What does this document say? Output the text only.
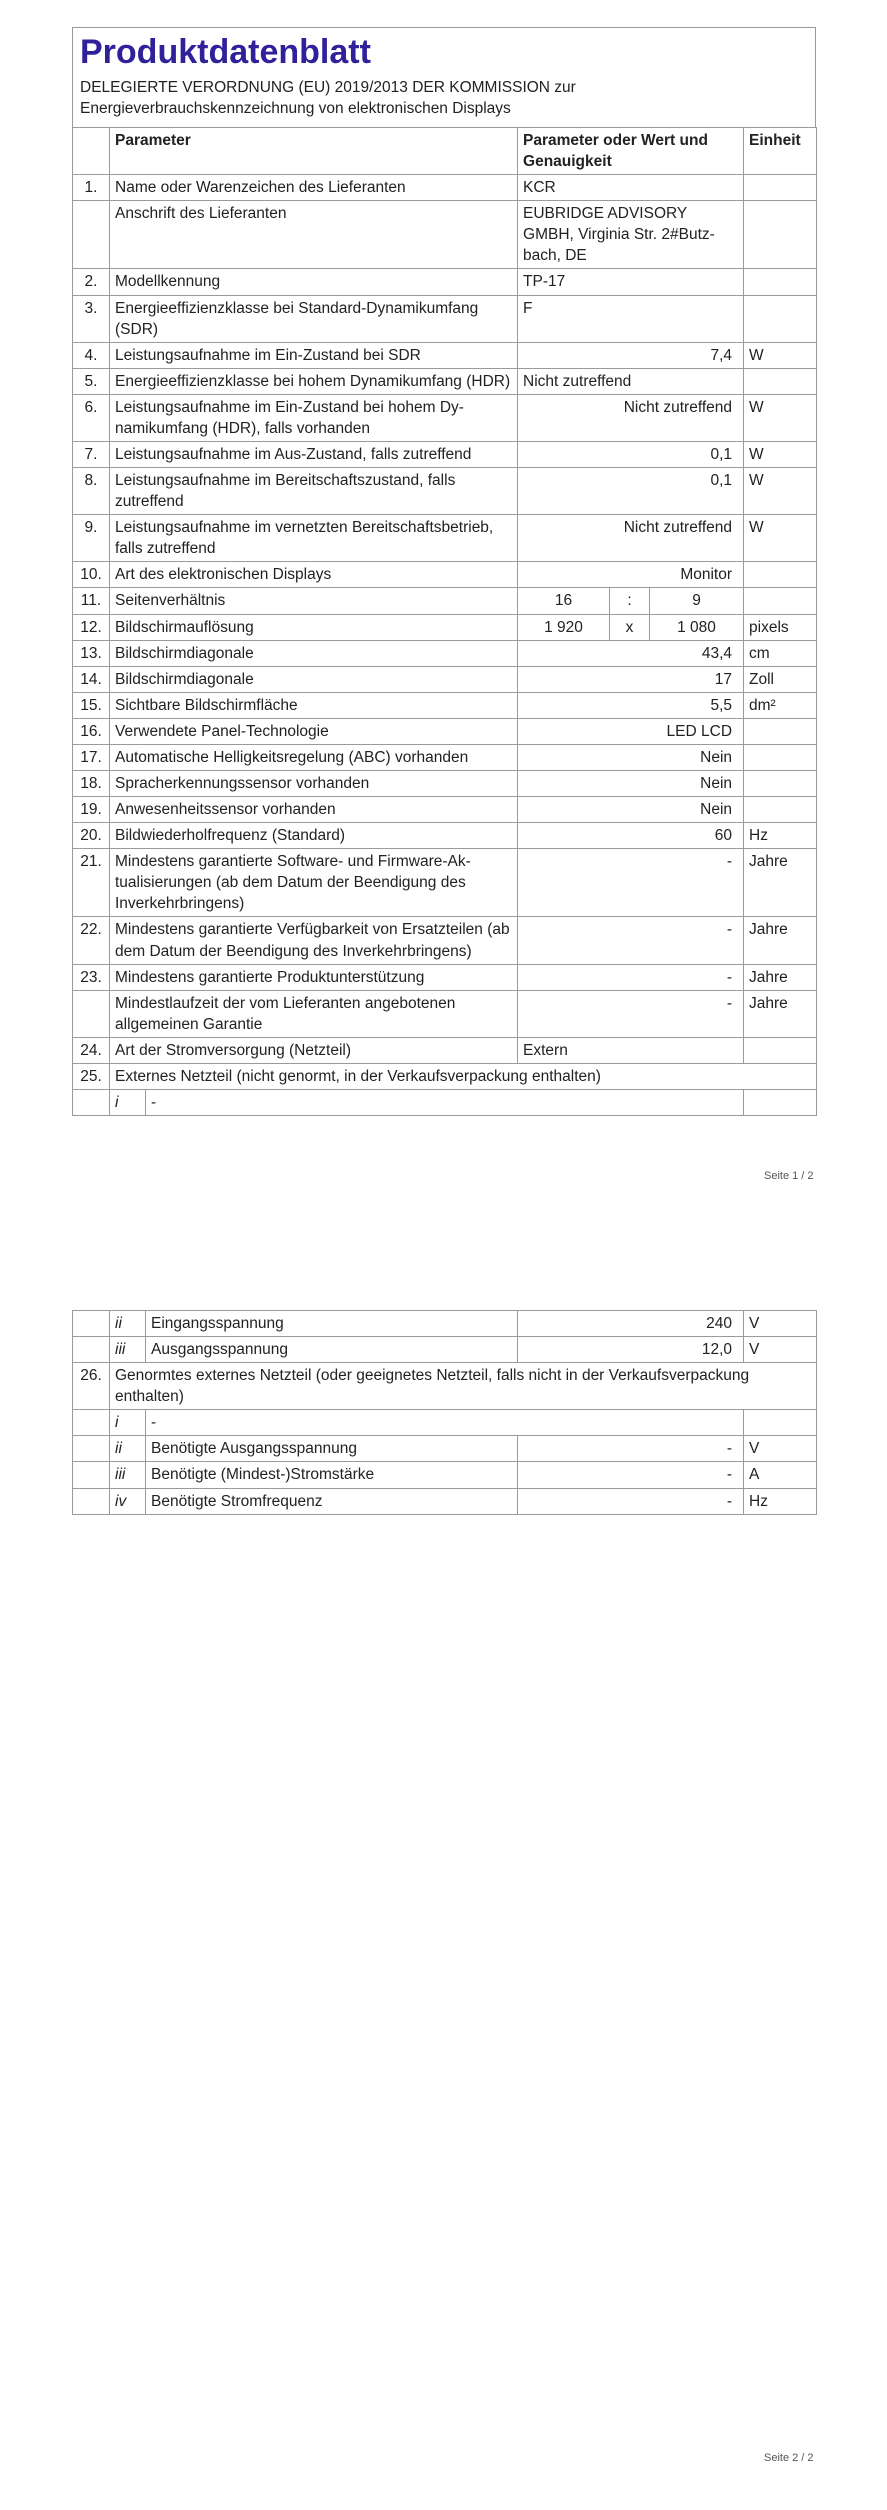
Produktdatenblatt
DELEGIERTE VERORDNUNG (EU) 2019/2013 DER KOMMISSION zur Energieverbrauchskennzeichnung von elektronischen Displays
	Parameter		Parameter oder Wert und Genauigkeit			Einheit
1.	Name oder Warenzeichen des Lieferanten		KCR			
	Anschrift des Lieferanten		EUBRIDGE ADVISORY GMBH, Virginia Str. 2#Butzbach, DE			
2.	Modellkennung		TP-17			
3.	Energieeffizienzklasse bei Standard-Dynamikumfang (SDR)		F			
4.	Leistungsaufnahme im Ein-Zustand bei SDR		7,4			W
5.	Energieeffizienzklasse bei hohem Dynamikumfang (HDR)		Nicht zutreffend			
6.	Leistungsaufnahme im Ein-Zustand bei hohem Dynamikumfang (HDR), falls vorhanden		Nicht zutreffend			W
7.	Leistungsaufnahme im Aus-Zustand, falls zutreffend		0,1			W
8.	Leistungsaufnahme im Bereitschaftszustand, falls zutreffend		0,1			W
9.	Leistungsaufnahme im vernetzten Bereitschaftsbetrieb, falls zutreffend		Nicht zutreffend			W
10.	Art des elektronischen Displays		Monitor			
11.	Seitenverhältnis		16	:	9	
12.	Bildschirmauflösung		1 920	x	1 080	pixels
13.	Bildschirmdiagonale		43,4			cm
14.	Bildschirmdiagonale		17			Zoll
15.	Sichtbare Bildschirmfläche		5,5			dm²
16.	Verwendete Panel-Technologie		LED LCD			
17.	Automatische Helligkeitsregelung (ABC) vorhanden		Nein			
18.	Spracherkennungssensor vorhanden		Nein			
19.	Anwesenheitssensor vorhanden		Nein			
20.	Bildwiederholfrequenz (Standard)		60			Hz
21.	Mindestens garantierte Software- und Firmware-Aktualisierungen (ab dem Datum der Beendigung des Inverkehrbringens)		-			Jahre
22.	Mindestens garantierte Verfügbarkeit von Ersatzteilen (ab dem Datum der Beendigung des Inverkehrbringens)		-			Jahre
23.	Mindestens garantierte Produktunterstützung		-			Jahre
	Mindestlaufzeit der vom Lieferanten angebotenen allgemeinen Garantie		-			Jahre
24.	Art der Stromversorgung (Netzteil)		Extern			
25.	Externes Netzteil (nicht genormt, in der Verkaufsverpackung enthalten)					
	i	-				
Seite 1 / 2
	ii	Eingangsspannung	240	V
	iii	Ausgangsspannung	12,0	V
26.	Genormtes externes Netzteil (oder geeignetes Netzteil, falls nicht in der Verkaufsverpackung enthalten)			
	i	-		
	ii	Benötigte Ausgangsspannung	-	V
	iii	Benötigte (Mindest-)Stromstärke	-	A
	iv	Benötigte Stromfrequenz	-	Hz
Seite 2 / 2
